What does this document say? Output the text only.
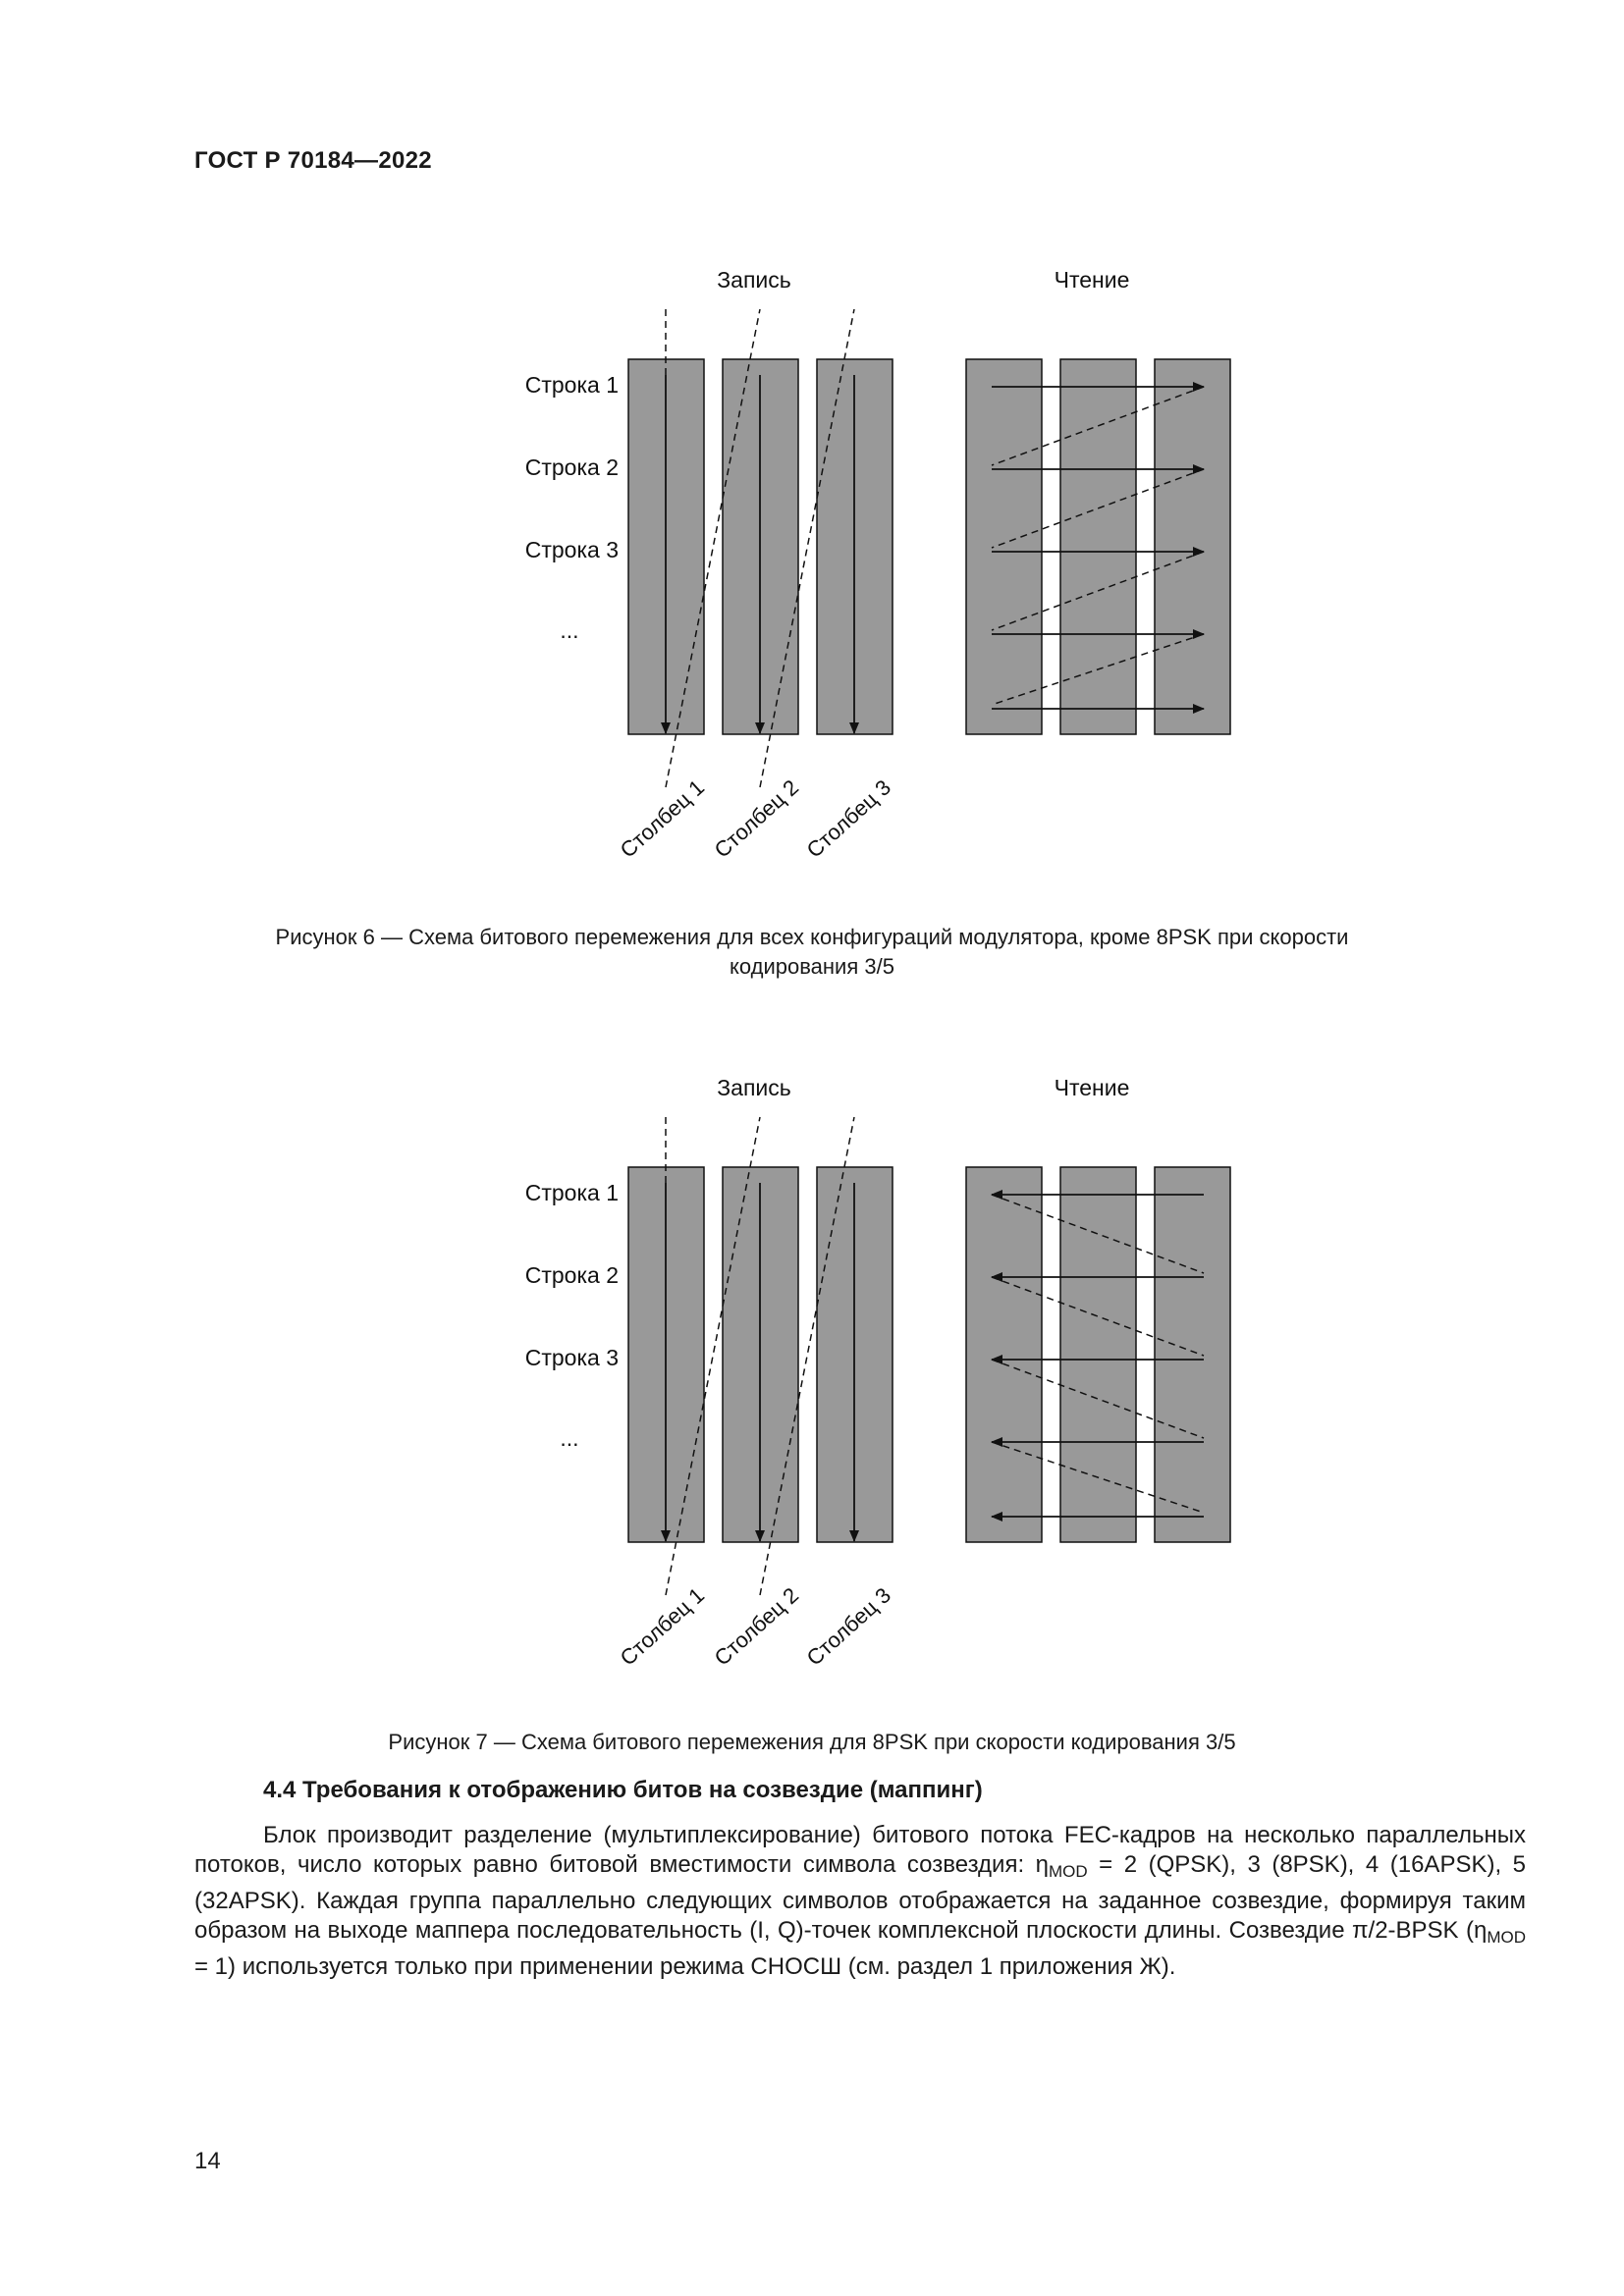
ГОСТ Р 70184—2022
Запись	Чтение
Строка 1
Строка 2
Строка 3
...
Столбец 1 Столбец 2
Столбец 3
Рисунок 6 — Схема битового перемежения для всех конфигураций модулятора, кроме 8PSK при скорости
кодирования 3/5
Запись	Чтение
Строка 1
Строка 2
Строка 3
...
Столбец 1 Столбец 2
Столбец 3
Рисунок 7 — Схема битового перемежения для 8PSK при скорости кодирования 3/5
4.4 Требования к отображению битов на созвездие (маппинг)

Блок производит разделение (мультиплексирование) битового потока FEC-кадров на несколько параллельных потоков, число которых равно битовой вместимости символа созвездия: $\eta_{MOD} = 2$ (QPSK), 3 (8PSK), 4 (16APSK), 5 (32APSK). Каждая группа параллельно следующих символов отображается на заданное созвездие, формируя таким образом на выходе маппера последовательность (I, Q)-точек комплексной плоскости длины. Созвездие π/2-BPSK $(\eta_{MOD} = 1)$ используется только при применении режима СНОСШ (см. раздел 1 приложения Ж).

14
